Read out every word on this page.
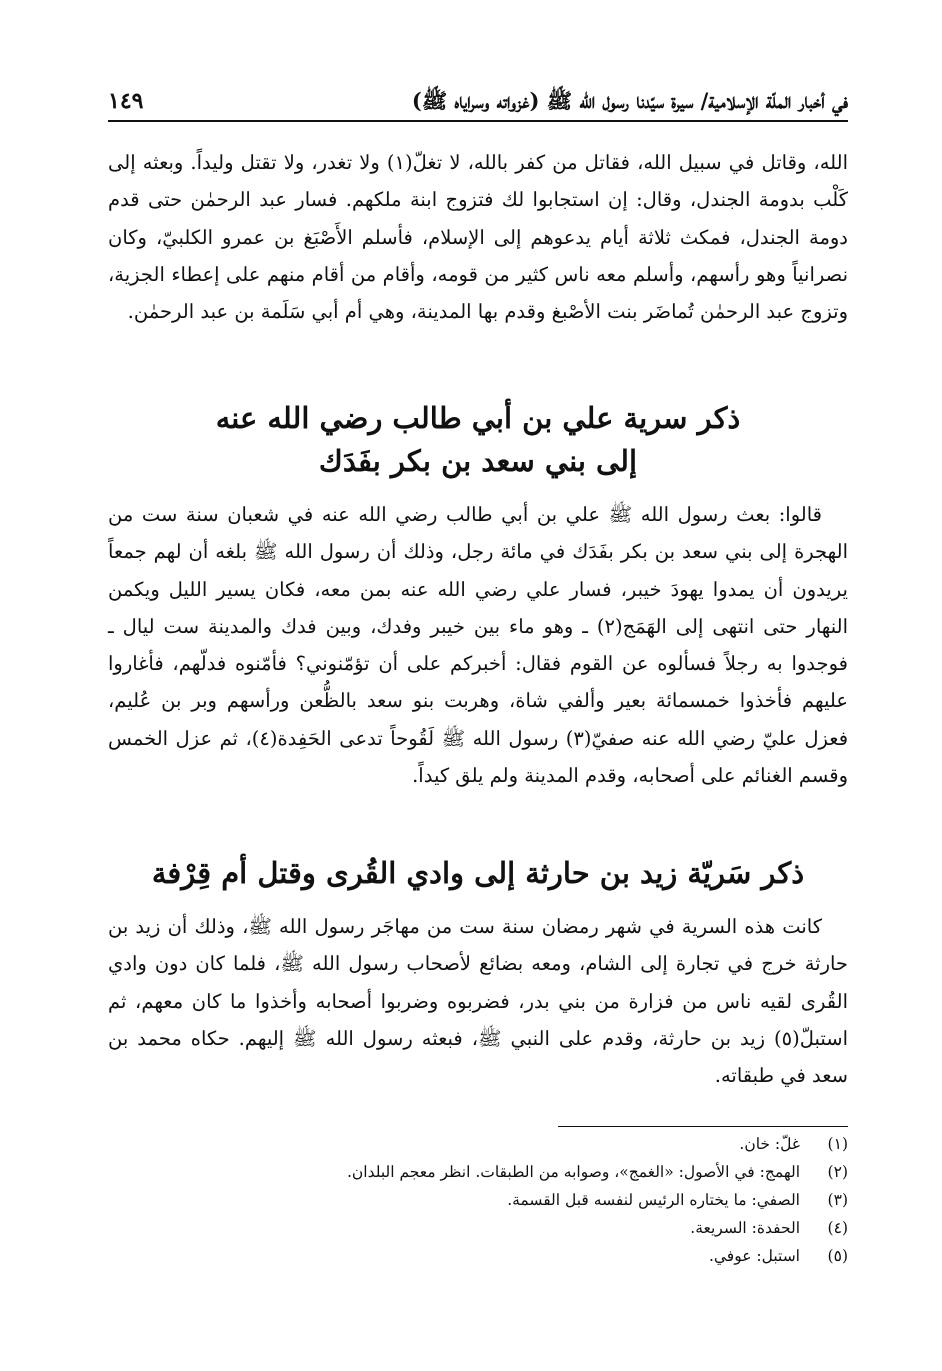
في أخبار الملّة الإسلامية/ سيرة سيّدنا رسول الله ﷺ (غزواته وسراياه ﷺ)
١٤٩

الله، وقاتل في سبيل الله، فقاتل من كفر بالله، لا تغلّ(١) ولا تغدر، ولا تقتل وليداً. وبعثه إلى كَلْب بدومة الجندل، وقال: إن استجابوا لك فتزوج ابنة ملكهم. فسار عبد الرحمٰن حتى قدم دومة الجندل، فمكث ثلاثة أيام يدعوهم إلى الإسلام، فأسلم الأَصْبَغ بن عمرو الكلبيّ، وكان نصرانياً وهو رأسهم، وأسلم معه ناس كثير من قومه، وأقام من أقام منهم على إعطاء الجزية، وتزوج عبد الرحمٰن تُماضَر بنت الأصْبغ وقدم بها المدينة، وهي أم أبي سَلَمة بن عبد الرحمٰن.

ذكر سرية علي بن أبي طالب رضي الله عنه
إلى بني سعد بن بكر بفَدَك

قالوا: بعث رسول الله ﷺ علي بن أبي طالب رضي الله عنه في شعبان سنة ست من الهجرة إلى بني سعد بن بكر بفَدَك في مائة رجل، وذلك أن رسول الله ﷺ بلغه أن لهم جمعاً يريدون أن يمدوا يهودَ خيبر، فسار علي رضي الله عنه بمن معه، فكان يسير الليل ويكمن النهار حتى انتهى إلى الهَمَج(٢) ـ وهو ماء بين خيبر وفدك، وبين فدك والمدينة ست ليال ـ فوجدوا به رجلاً فسألوه عن القوم فقال: أخبركم على أن تؤمّنوني؟ فأمّنوه فدلّهم، فأغاروا عليهم فأخذوا خمسمائة بعير وألفي شاة، وهربت بنو سعد بالظُّعن ورأسهم وبر بن عُليم، فعزل عليّ رضي الله عنه صفيّ(٣) رسول الله ﷺ لَقُوحاً تدعى الحَفِدة(٤)، ثم عزل الخمس وقسم الغنائم على أصحابه، وقدم المدينة ولم يلق كيداً.

ذكر سَريّة زيد بن حارثة إلى وادي القُرى وقتل أم قِرْفة

كانت هذه السرية في شهر رمضان سنة ست من مهاجَر رسول الله ﷺ، وذلك أن زيد بن حارثة خرج في تجارة إلى الشام، ومعه بضائع لأصحاب رسول الله ﷺ، فلما كان دون وادي القُرى لقيه ناس من فزارة من بني بدر، فضربوه وضربوا أصحابه وأخذوا ما كان معهم، ثم استبلّ(٥) زيد بن حارثة، وقدم على النبي ﷺ، فبعثه رسول الله ﷺ إليهم. حكاه محمد بن سعد في طبقاته.

(١)
غلّ: خان.
(٢)
الهمج: في الأصول: «الغمج»، وصوابه من الطبقات. انظر معجم البلدان.
(٣)
الصفي: ما يختاره الرئيس لنفسه قبل القسمة.
(٤)
الحفدة: السريعة.
(٥)
استبل: عوفي.
